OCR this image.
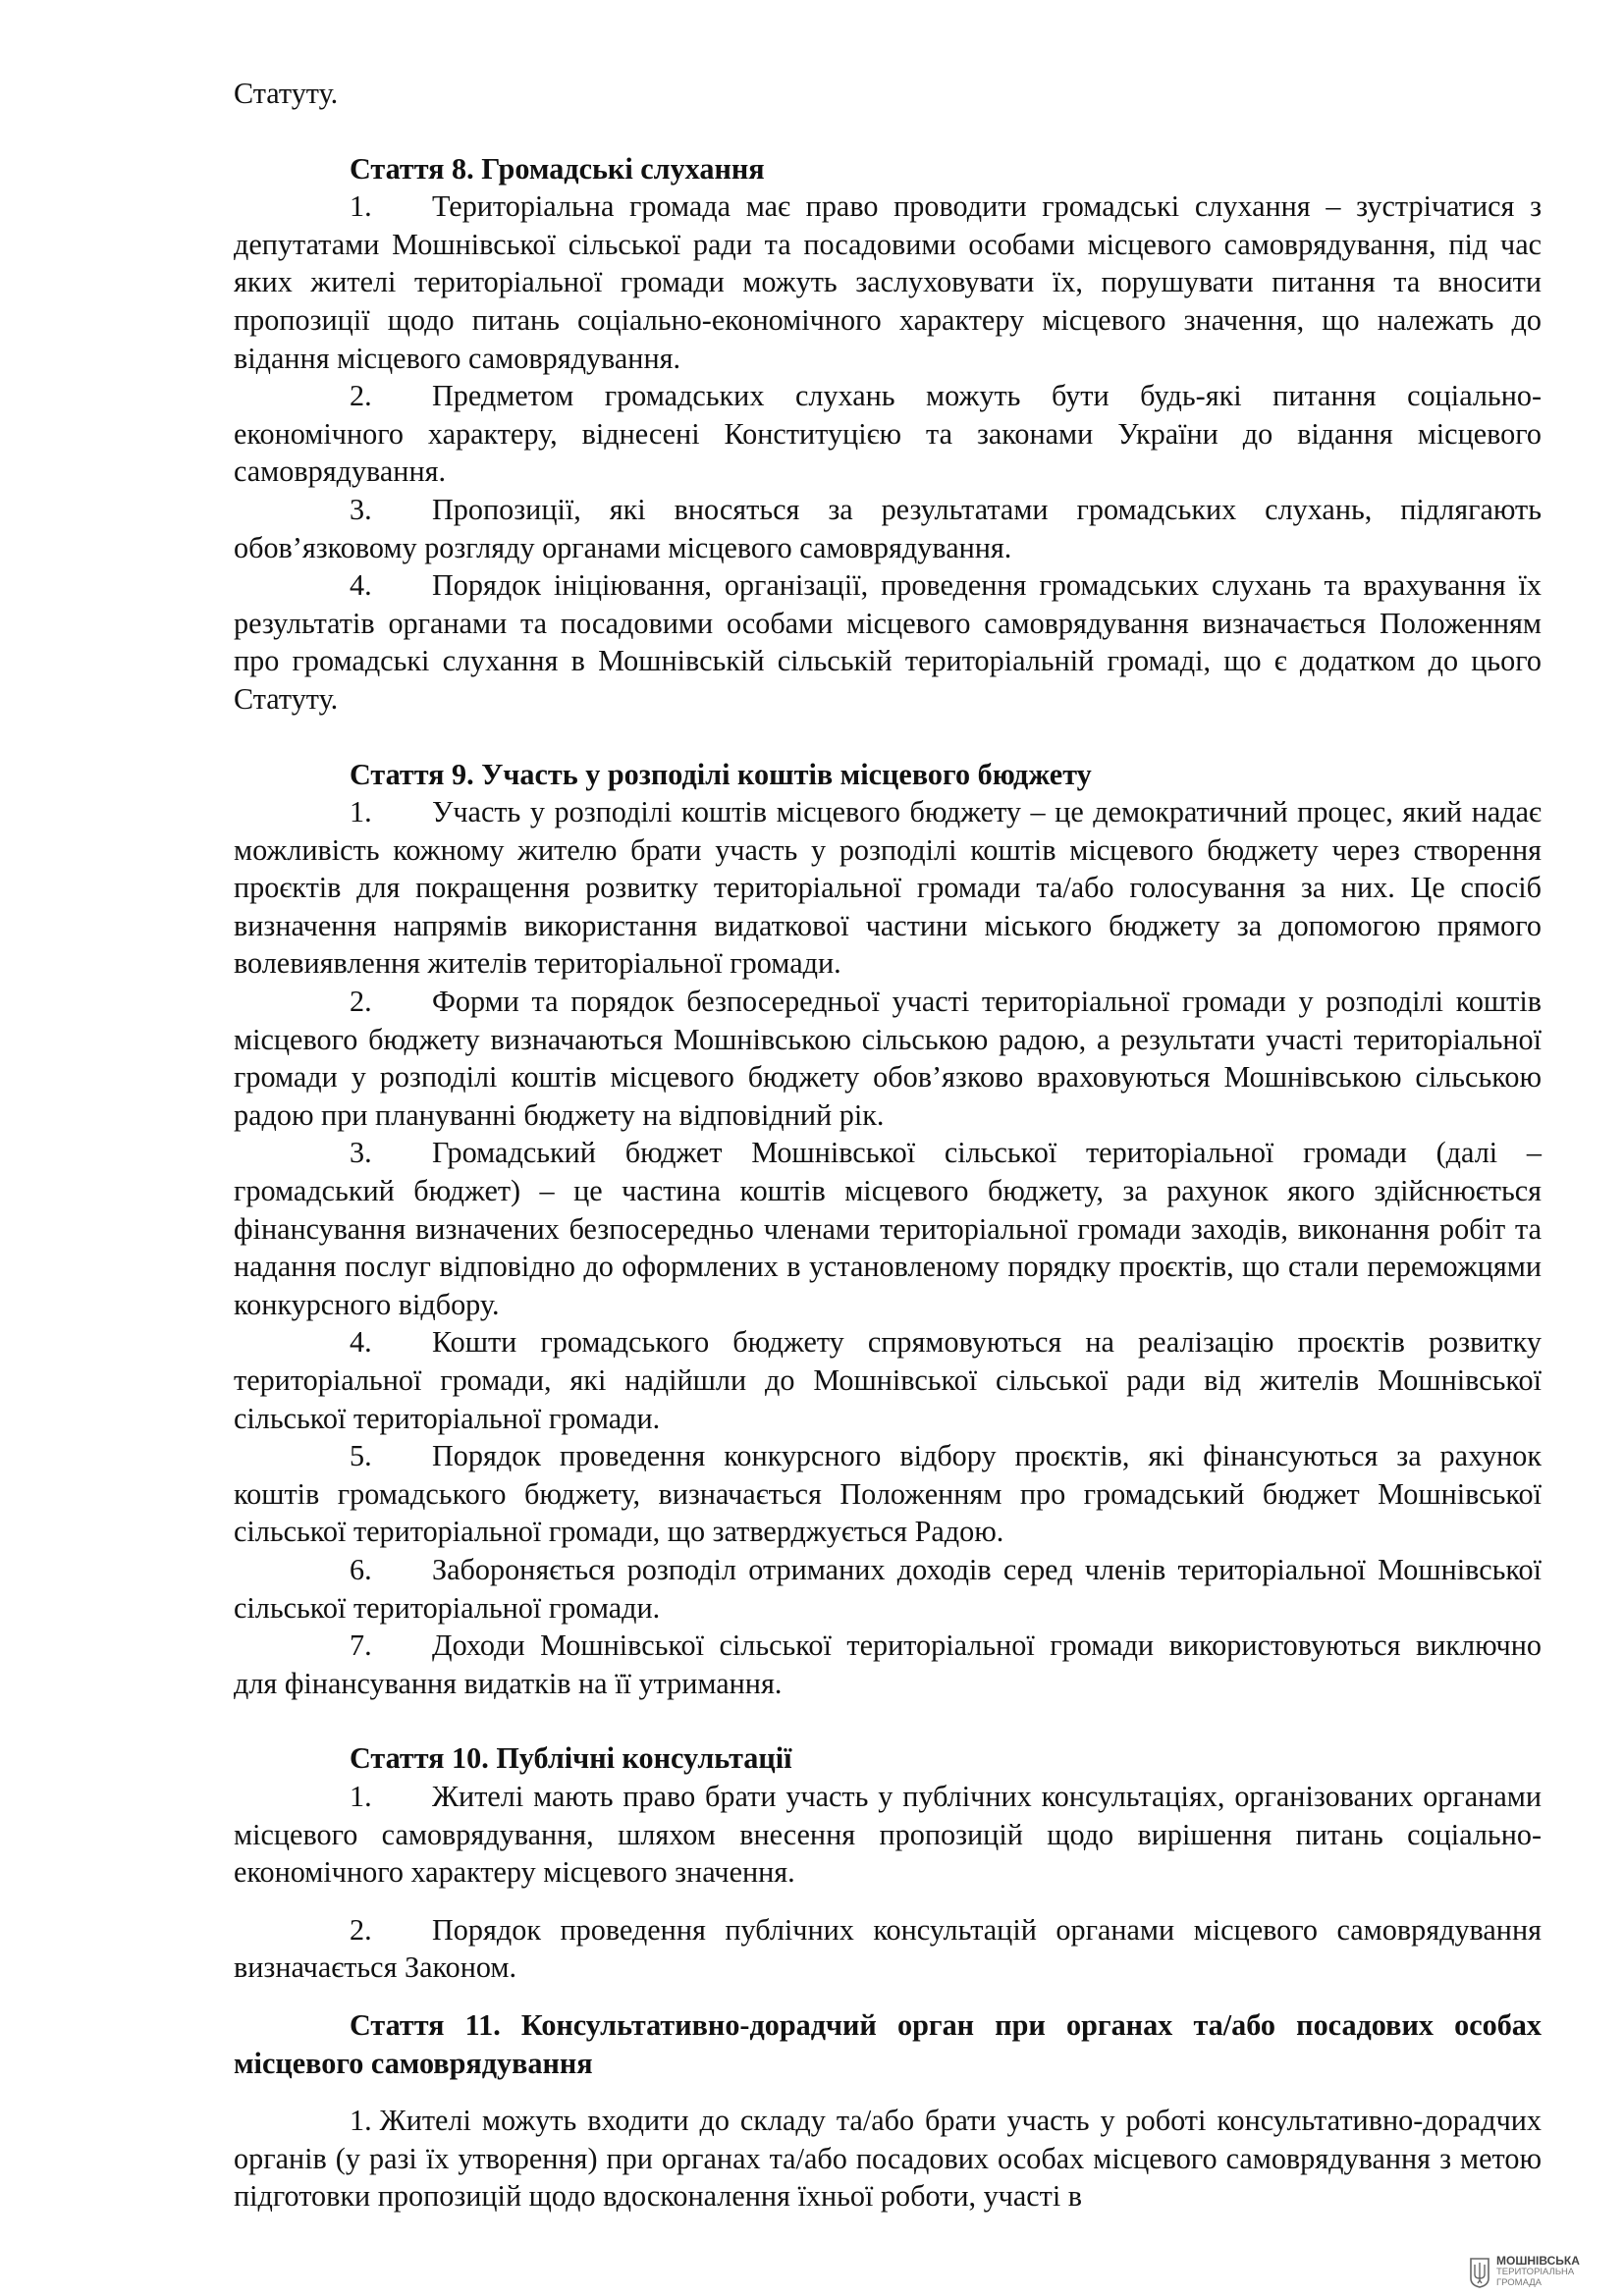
Статуту.

Стаття 8. Громадські слухання

1. Територіальна громада має право проводити громадські слухання – зустрічатися з депутатами Мошнівської сільської ради та посадовими особами місцевого самоврядування, під час яких жителі територіальної громади можуть заслуховувати їх, порушувати питання та вносити пропозиції щодо питань соціально-економічного характеру місцевого значення, що належать до відання місцевого самоврядування.

2. Предметом громадських слухань можуть бути будь-які питання соціально-економічного характеру, віднесені Конституцією та законами України до відання місцевого самоврядування.

3. Пропозиції, які вносяться за результатами громадських слухань, підлягають обов’язковому розгляду органами місцевого самоврядування.

4. Порядок ініціювання, організації, проведення громадських слухань та врахування їх результатів органами та посадовими особами місцевого самоврядування визначається Положенням про громадські слухання в Мошнівській сільській територіальній громаді, що є додатком до цього Статуту.

Стаття 9. Участь у розподілі коштів місцевого бюджету

1. Участь у розподілі коштів місцевого бюджету – це демократичний процес, який надає можливість кожному жителю брати участь у розподілі коштів місцевого бюджету через створення проєктів для покращення розвитку територіальної громади та/або голосування за них. Це спосіб визначення напрямів використання видаткової частини міського бюджету за допомогою прямого волевиявлення жителів територіальної громади.

2. Форми та порядок безпосередньої участі територіальної громади у розподілі коштів місцевого бюджету визначаються Мошнівською сільською радою, а результати участі територіальної громади у розподілі коштів місцевого бюджету обов’язково враховуються Мошнівською сільською радою при плануванні бюджету на відповідний рік.

3. Громадський бюджет Мошнівської сільської територіальної громади (далі – громадський бюджет) – це частина коштів місцевого бюджету, за рахунок якого здійснюється фінансування визначених безпосередньо членами територіальної громади заходів, виконання робіт та надання послуг відповідно до оформлених в установленому порядку проєктів, що стали переможцями конкурсного відбору.

4. Кошти громадського бюджету спрямовуються на реалізацію проєктів розвитку територіальної громади, які надійшли до Мошнівської сільської ради від жителів Мошнівської сільської територіальної громади.

5. Порядок проведення конкурсного відбору проєктів, які фінансуються за рахунок коштів громадського бюджету, визначається Положенням про громадський бюджет Мошнівської сільської територіальної громади, що затверджується Радою.

6. Забороняється розподіл отриманих доходів серед членів територіальної Мошнівської сільської територіальної громади.

7. Доходи Мошнівської сільської територіальної громади використовуються виключно для фінансування видатків на її утримання.

Стаття 10. Публічні консультації

1. Жителі мають право брати участь у публічних консультаціях, організованих органами місцевого самоврядування, шляхом внесення пропозицій щодо вирішення питань соціально-економічного характеру місцевого значення.

2. Порядок проведення публічних консультацій органами місцевого самоврядування визначається Законом.

Стаття 11. Консультативно-дорадчий орган при органах та/або посадових особах місцевого самоврядування

1. Жителі можуть входити до складу та/або брати участь у роботі консультативно-дорадчих органів (у разі їх утворення) при органах та/або посадових особах місцевого самоврядування з метою підготовки пропозицій щодо вдосконалення їхньої роботи, участі в

МОШНІВСЬКА
ТЕРИТОРІАЛЬНА
ГРОМАДА
